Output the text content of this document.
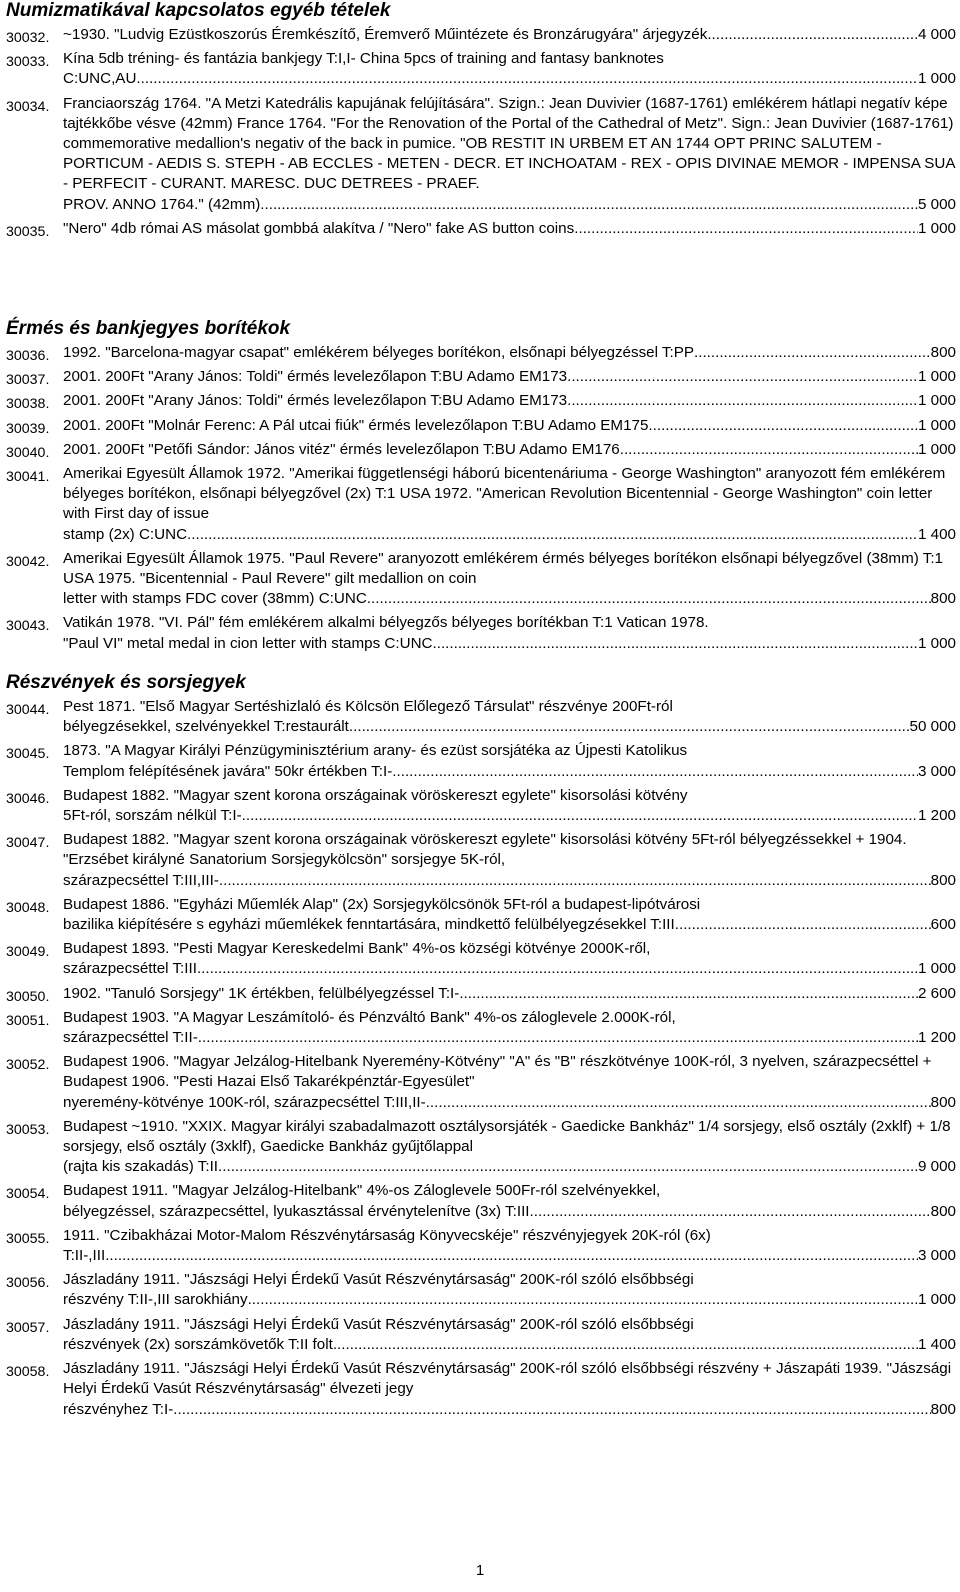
Numizmatikával kapcsolatos egyéb tételek
30032. ~1930. "Ludvig Ezüstkoszorús Éremkészítő, Éremverő Műintézete és Bronzárugyára" árjegyzék .....	4 000
30033. Kína 5db tréning- és fantázia bankjegy T:I,I- China 5pcs of training and fantasy banknotes
C:UNC,AU .....	1 000
30034. Franciaország 1764. "A Metzi Katedrális kapujának felújítására". Szign.: Jean Duvivier (1687-1761) emlékérem hátlapi negatív képe tajtékkőbe vésve (42mm) France 1764. "For the Renovation of the Portal of the Cathedral of Metz". Sign.: Jean Duvivier (1687-1761) commemorative medallion's negativ of the back in pumice. "OB RESTIT IN URBEM ET AN 1744 OPT PRINC SALUTEM - PORTICUM - AEDIS S. STEPH - AB ECCLES - METEN - DECR. ET INCHOATAM - REX - OPIS DIVINAE MEMOR - IMPENSA SUA - PERFECIT - CURANT. MARESC. DUC DETREES - PRAEF.
PROV. ANNO 1764." (42mm) .....	5 000
30035. "Nero" 4db római AS másolat gombbá alakítva / "Nero" fake AS button coins .....	1 000
Érmés és bankjegyes borítékok
30036. 1992. "Barcelona-magyar csapat" emlékérem bélyeges borítékon, elsőnapi bélyegzéssel T:PP .....	800
30037. 2001. 200Ft "Arany János: Toldi" érmés levelezőlapon T:BU Adamo EM173 .....	1 000
30038. 2001. 200Ft "Arany János: Toldi" érmés levelezőlapon T:BU Adamo EM173 .....	1 000
30039. 2001. 200Ft "Molnár Ferenc: A Pál utcai fiúk" érmés levelezőlapon T:BU Adamo EM175 .....	1 000
30040. 2001. 200Ft "Petőfi Sándor: János vitéz" érmés levelezőlapon T:BU Adamo EM176 .....	1 000
30041. Amerikai Egyesült Államok 1972. "Amerikai függetlenségi háború bicentenáriuma - George Washington" aranyozott fém emlékérem bélyeges borítékon, elsőnapi bélyegzővel (2x) T:1 USA 1972. "American Revolution Bicentennial - George Washington" coin letter with First day of issue
stamp (2x) C:UNC .....	1 400
30042. Amerikai Egyesült Államok 1975. "Paul Revere" aranyozott emlékérem érmés bélyeges borítékon elsőnapi bélyegzővel (38mm) T:1 USA 1975. "Bicentennial - Paul Revere" gilt medallion on coin
letter with stamps FDC cover (38mm) C:UNC .....	800
30043. Vatikán 1978. "VI. Pál" fém emlékérem alkalmi bélyegzős bélyeges borítékban T:1 Vatican 1978.
"Paul VI" metal medal in cion letter with stamps C:UNC .....	1 000
Részvények és sorsjegyek
30044. Pest 1871. "Első Magyar Sertéshizlaló és Kölcsön Előlegező Társulat" részvénye 200Ft-ról
bélyegzésekkel, szelvényekkel T:restaurált .....	50 000
30045. 1873. "A Magyar Királyi Pénzügyminisztérium arany- és ezüst sorsjátéka az Újpesti Katolikus
Templom felépítésének javára" 50kr értékben T:I- .....	3 000
30046. Budapest 1882. "Magyar szent korona országainak vöröskereszt egylete" kisorsolási kötvény
5Ft-ról, sorszám nélkül T:I- .....	1 200
30047. Budapest 1882. "Magyar szent korona országainak vöröskereszt egylete" kisorsolási kötvény 5Ft-ról bélyegzéssekkel + 1904. "Erzsébet királyné Sanatorium Sorsjegykölcsön" sorsjegye 5K-ról,
szárazpecséttel T:III,III- .....	800
30048. Budapest 1886. "Egyházi Műemlék Alap" (2x) Sorsjegykölcsönök 5Ft-ról a budapest-lipótvárosi
bazilika kiépítésére s egyházi műemlékek fenntartására, mindkettő felülbélyegzésekkel T:III .....	600
30049. Budapest 1893. "Pesti Magyar Kereskedelmi Bank" 4%-os községi kötvénye 2000K-ről,
szárazpecséttel T:III .....	1 000
30050. 1902. "Tanuló Sorsjegy" 1K értékben, felülbélyegzéssel T:I- .....	2 600
30051. Budapest 1903. "A Magyar Leszámítoló- és Pénzváltó Bank" 4%-os záloglevele 2.000K-ról,
szárazpecséttel T:II- .....	1 200
30052. Budapest 1906. "Magyar Jelzálog-Hitelbank Nyeremény-Kötvény" "A" és "B" részkötvénye 100K-ról, 3 nyelven, szárazpecséttel + Budapest 1906. "Pesti Hazai Első Takarékpénztár-Egyesület"
nyeremény-kötvénye 100K-ról, szárazpecséttel T:III,II- .....	800
30053. Budapest ~1910. "XXIX. Magyar királyi szabadalmazott osztálysorsjáték - Gaedicke Bankház" 1/4 sorsjegy, első osztály (2xklf) + 1/8 sorsjegy, első osztály (3xklf), Gaedicke Bankház gyűjtőlappal
(rajta kis szakadás) T:II .....	9 000
30054. Budapest 1911. "Magyar Jelzálog-Hitelbank" 4%-os Záloglevele 500Fr-ról szelvényekkel,
bélyegzéssel, szárazpecséttel, lyukasztással érvénytelenítve (3x) T:III .....	800
30055. 1911. "Czibakházai Motor-Malom Részvénytársaság Könyvecskéje" részvényjegyek 20K-ról (6x)
T:II-,III .....	3 000
30056. Jászladány 1911. "Jászsági Helyi Érdekű Vasút Részvénytársaság" 200K-ról szóló elsőbbségi
részvény T:II-,III sarokhiány .....	1 000
30057. Jászladány 1911. "Jászsági Helyi Érdekű Vasút Részvénytársaság" 200K-ról szóló elsőbbségi
részvények (2x) sorszámkövetők T:II folt .....	1 400
30058. Jászladány 1911. "Jászsági Helyi Érdekű Vasút Részvénytársaság" 200K-ról szóló elsőbbségi részvény + Jászapáti 1939. "Jászsági Helyi Érdekű Vasút Részvénytársaság" élvezeti jegy
részvényhez T:I- .....	800
1
